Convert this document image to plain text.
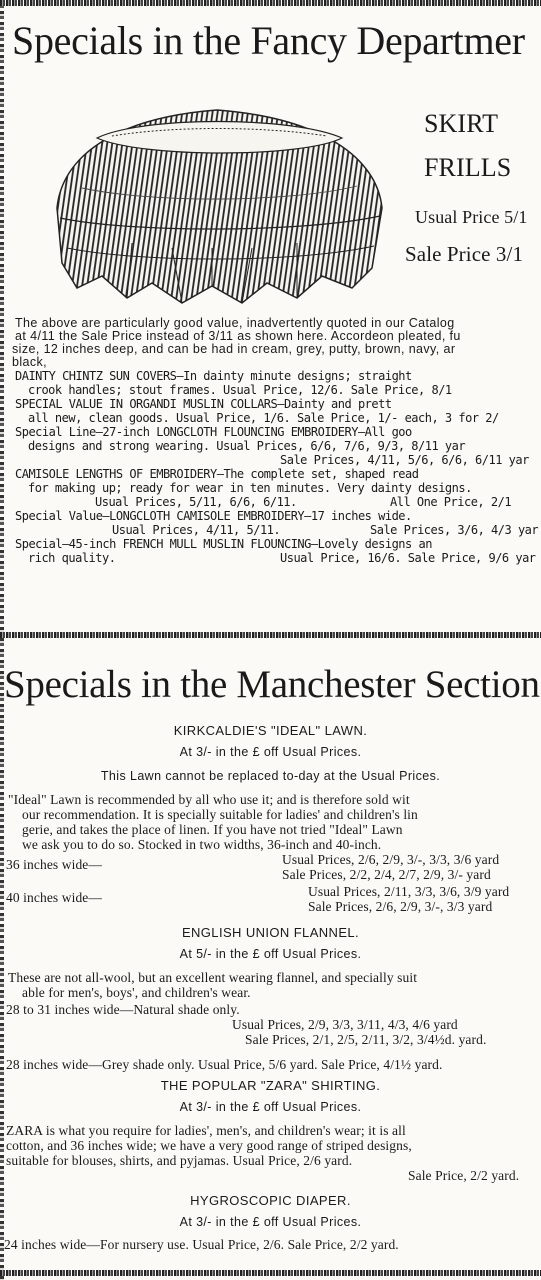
Specials in the Fancy Departmer
SKIRT
FRILLS
Usual Price 5/1
Sale Price 3/1
The above are particularly good value, inadvertently quoted in our Catalog
at 4/11 the Sale Price instead of 3/11 as shown here. Accordeon pleated, fu
size, 12 inches deep, and can be had in cream, grey, putty, brown, navy, ar
black,
DAINTY CHINTZ SUN COVERS—In dainty minute designs; straight
crook handles; stout frames. Usual Price, 12/6. Sale Price, 8/1
SPECIAL VALUE IN ORGANDI MUSLIN COLLARS—Dainty and prett
all new, clean goods. Usual Price, 1/6. Sale Price, 1/- each, 3 for 2/
Special Line—27-inch LONGCLOTH FLOUNCING EMBROIDERY—All goo
designs and strong wearing. Usual Prices, 6/6, 7/6, 9/3, 8/11 yar
Sale Prices, 4/11, 5/6, 6/6, 6/11 yar
CAMISOLE LENGTHS OF EMBROIDERY—The complete set, shaped read
for making up; ready for wear in ten minutes. Very dainty designs.
Usual Prices, 5/11, 6/6, 6/11.	All One Price, 2/1
Special Value—LONGCLOTH CAMISOLE EMBROIDERY—17 inches wide.
Usual Prices, 4/11, 5/11.	Sale Prices, 3/6, 4/3 yar
Special—45-inch FRENCH MULL MUSLIN FLOUNCING—Lovely designs an
rich quality.	Usual Price, 16/6. Sale Price, 9/6 yar
Specials in the Manchester Section
KIRKCALDIE'S "IDEAL" LAWN.
At 3/- in the £ off Usual Prices.
This Lawn cannot be replaced to-day at the Usual Prices.
"Ideal" Lawn is recommended by all who use it; and is therefore sold wit
our recommendation. It is specially suitable for ladies' and children's lin
gerie, and takes the place of linen. If you have not tried "Ideal" Lawn
we ask you to do so. Stocked in two widths, 36-inch and 40-inch.
36 inches wide—	Usual Prices, 2/6, 2/9, 3/-, 3/3, 3/6 yard
Sale Prices, 2/2, 2/4, 2/7, 2/9, 3/- yard
40 inches wide—	Usual Prices, 2/11, 3/3, 3/6, 3/9 yard
Sale Prices, 2/6, 2/9, 3/-, 3/3 yard
ENGLISH UNION FLANNEL.
At 5/- in the £ off Usual Prices.
These are not all-wool, but an excellent wearing flannel, and specially suit
able for men's, boys', and children's wear.
28 to 31 inches wide—Natural shade only.
Usual Prices, 2/9, 3/3, 3/11, 4/3, 4/6 yard
Sale Prices, 2/1, 2/5, 2/11, 3/2, 3/4½d. yard.
28 inches wide—Grey shade only. Usual Price, 5/6 yard. Sale Price, 4/1½ yard.
THE POPULAR "ZARA" SHIRTING.
At 3/- in the £ off Usual Prices.
ZARA is what you require for ladies', men's, and children's wear; it is all
cotton, and 36 inches wide; we have a very good range of striped designs,
suitable for blouses, shirts, and pyjamas. Usual Price, 2/6 yard.
Sale Price, 2/2 yard.
HYGROSCOPIC DIAPER.
At 3/- in the £ off Usual Prices.
24 inches wide—For nursery use. Usual Price, 2/6. Sale Price, 2/2 yard.
